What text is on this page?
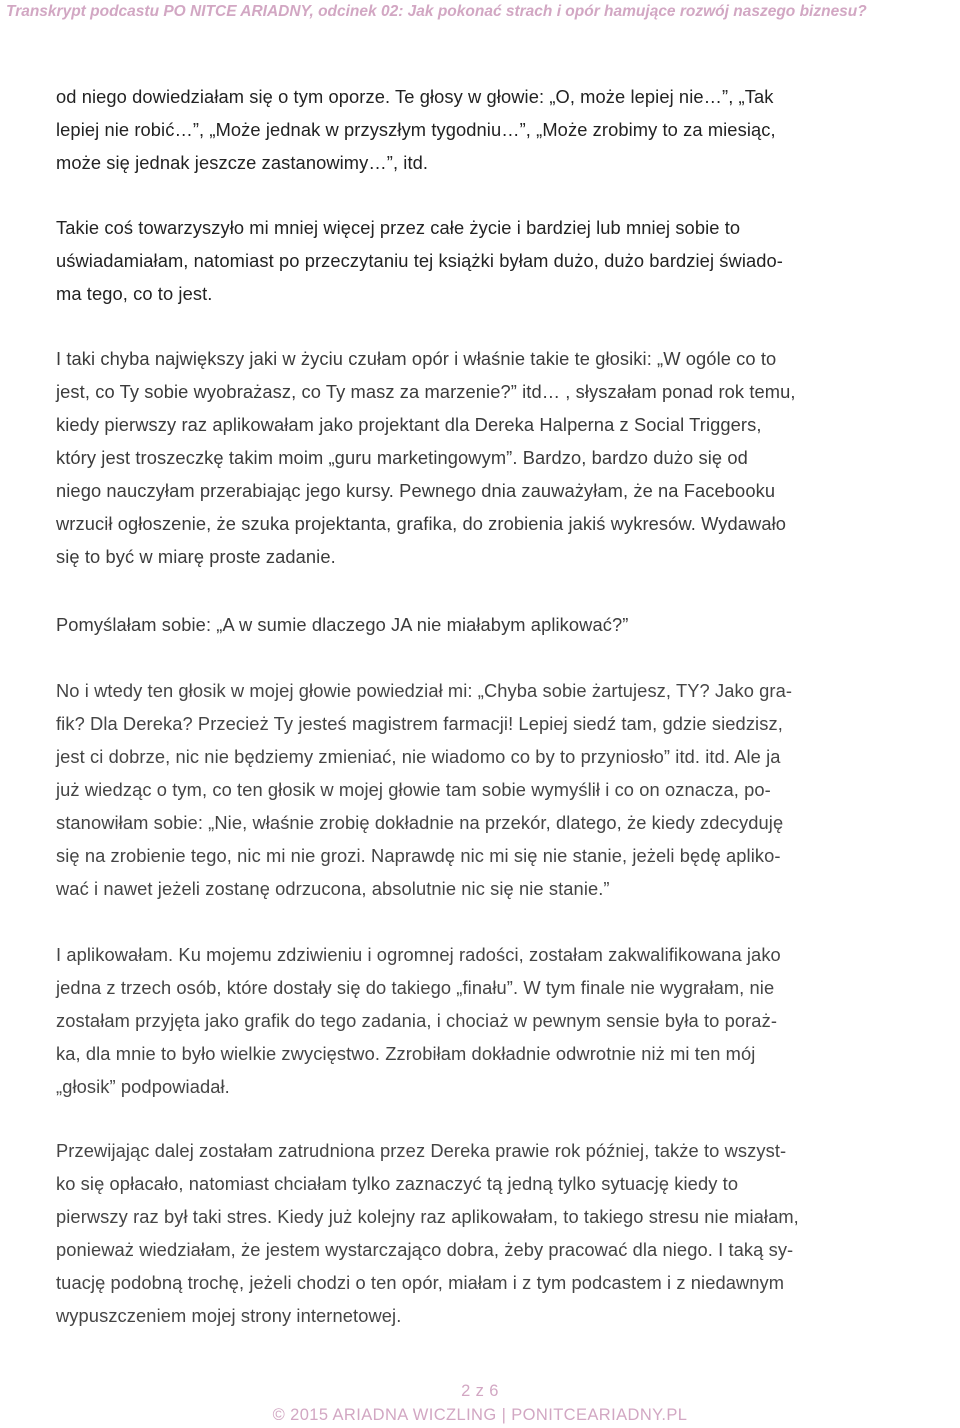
Transkrypt podcastu PO NITCE ARIADNY, odcinek 02: Jak pokonać strach i opór hamujące rozwój naszego biznesu?
od niego dowiedziałam się o tym oporze. Te głosy w głowie: „O, może lepiej nie…”, „Tak
lepiej nie robić…”, „Może jednak w przyszłym tygodniu…”, „Może zrobimy to za miesiąc,
może się jednak jeszcze zastanowimy…”, itd.
Takie coś towarzyszyło mi mniej więcej przez całe życie i bardziej lub mniej sobie to
uświadamiałam, natomiast po przeczytaniu tej książki byłam dużo, dużo bardziej świado-
ma tego, co to jest.
I taki chyba największy jaki w życiu czułam opór i właśnie takie te głosiki: „W ogóle co to
jest, co Ty sobie wyobrażasz, co Ty masz za marzenie?” itd… , słyszałam ponad rok temu,
kiedy pierwszy raz aplikowałam jako projektant dla Dereka Halperna z Social Triggers,
który jest troszeczkę takim moim „guru marketingowym”. Bardzo, bardzo dużo się od
niego nauczyłam przerabiając jego kursy. Pewnego dnia zauważyłam, że na Facebooku
wrzucił ogłoszenie, że szuka projektanta, grafika, do zrobienia jakiś wykresów. Wydawało
się to być w miarę proste zadanie.
Pomyślałam sobie: „A w sumie dlaczego JA nie miałabym aplikować?”
No i wtedy ten głosik w mojej głowie powiedział mi: „Chyba sobie żartujesz, TY? Jako gra-
fik? Dla Dereka? Przecież Ty jesteś magistrem farmacji! Lepiej siedź tam, gdzie siedzisz,
jest ci dobrze, nic nie będziemy zmieniać, nie wiadomo co by to przyniosło” itd. itd. Ale ja
już wiedząc o tym, co ten głosik w mojej głowie tam sobie wymyślił i co on oznacza, po-
stanowiłam sobie: „Nie, właśnie zrobię dokładnie na przekór, dlatego, że kiedy zdecyduję
się na zrobienie tego, nic mi nie grozi. Naprawdę nic mi się nie stanie, jeżeli będę apliko-
wać i nawet jeżeli zostanę odrzucona, absolutnie nic się nie stanie.”
I aplikowałam. Ku mojemu zdziwieniu i ogromnej radości, zostałam zakwalifikowana jako
jedna z trzech osób, które dostały się do takiego „finału”. W tym finale nie wygrałam, nie
zostałam przyjęta jako grafik do tego zadania, i chociaż w pewnym sensie była to poraż-
ka, dla mnie to było wielkie zwycięstwo. Zzrobiłam dokładnie odwrotnie niż mi ten mój
„głosik” podpowiadał.
Przewijając dalej zostałam zatrudniona przez Dereka prawie rok później, także to wszyst-
ko się opłacało, natomiast chciałam tylko zaznaczyć tą jedną tylko sytuację kiedy to
pierwszy raz był taki stres. Kiedy już kolejny raz aplikowałam, to takiego stresu nie miałam,
ponieważ wiedziałam, że jestem wystarczająco dobra, żeby pracować dla niego. I taką sy-
tuację podobną trochę, jeżeli chodzi o ten opór, miałam i z tym podcastem i z niedawnym
wypuszczeniem mojej strony internetowej.
2 z 6
© 2015 ARIADNA WICZLING | PONITCEARIADNY.PL
